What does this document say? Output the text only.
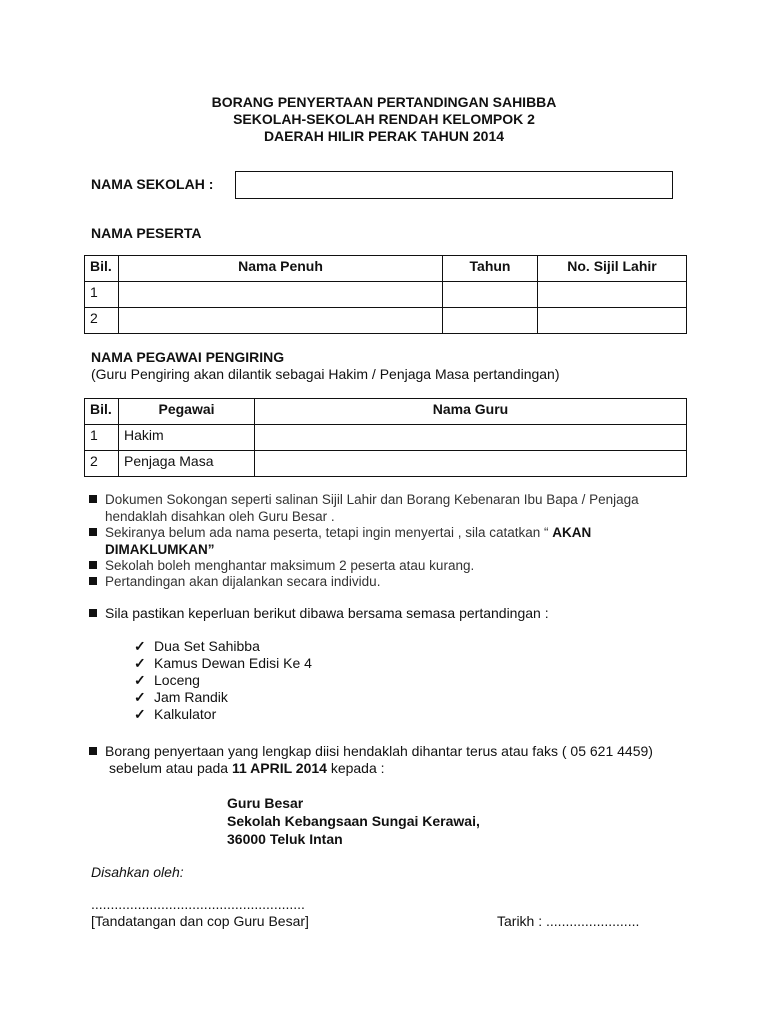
BORANG PENYERTAAN PERTANDINGAN SAHIBBA
SEKOLAH-SEKOLAH RENDAH KELOMPOK 2
DAERAH HILIR PERAK TAHUN 2014
NAMA SEKOLAH :
NAMA PESERTA
Bil.	Nama Penuh	Tahun	No. Sijil Lahir
1			
2			
NAMA PEGAWAI PENGIRING
(Guru Pengiring akan dilantik sebagai Hakim / Penjaga Masa pertandingan)
Bil.	Pegawai	Nama Guru
1	Hakim	
2	Penjaga Masa	
Dokumen Sokongan seperti salinan Sijil Lahir dan Borang Kebenaran Ibu Bapa / Penjaga
hendaklah disahkan oleh Guru Besar .
Sekiranya belum ada nama peserta, tetapi ingin menyertai , sila catatkan “ AKAN
DIMAKLUMKAN”
Sekolah boleh menghantar maksimum 2 peserta atau kurang.
Pertandingan akan dijalankan secara individu.
Sila pastikan keperluan berikut dibawa bersama semasa pertandingan :
✓ Dua Set Sahibba
✓ Kamus Dewan Edisi Ke 4
✓ Loceng
✓ Jam Randik
✓ Kalkulator
Borang penyertaan yang lengkap diisi hendaklah dihantar terus atau faks ( 05 621 4459)
sebelum atau pada 11 APRIL 2014 kepada :
Guru Besar
Sekolah Kebangsaan Sungai Kerawai,
36000 Teluk Intan
Disahkan oleh:
.......................................................
[Tandatangan dan cop Guru Besar]	Tarikh : ........................
